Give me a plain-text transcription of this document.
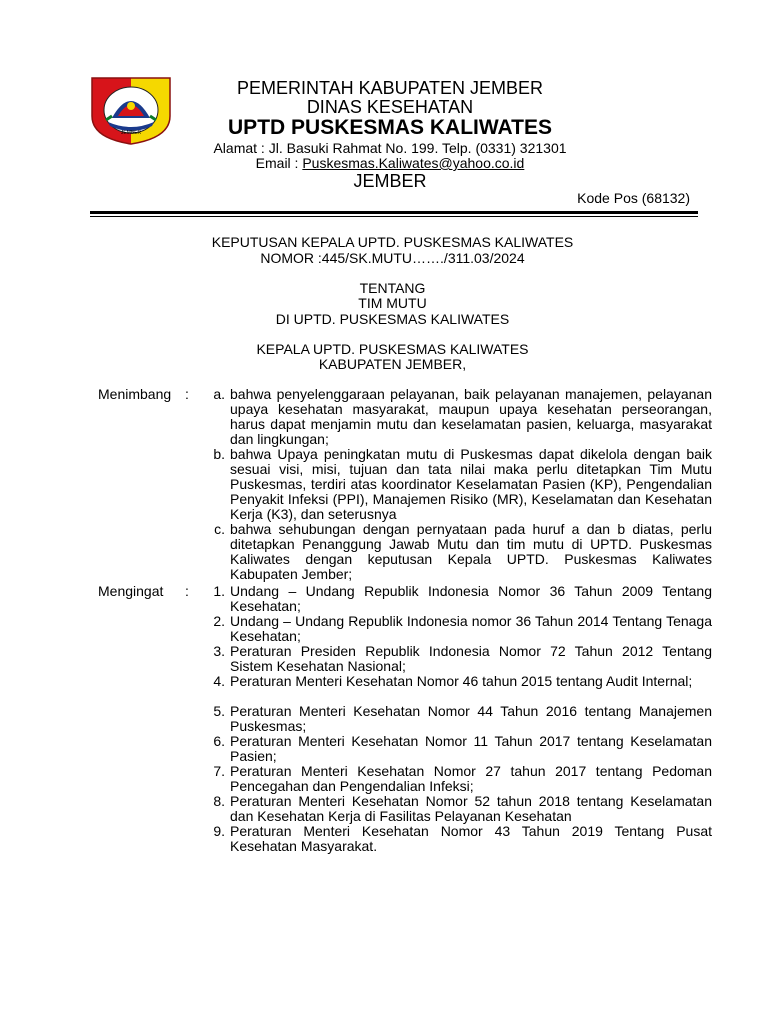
JEMBER
PEMERINTAH KABUPATEN JEMBER
DINAS KESEHATAN
UPTD PUSKESMAS KALIWATES
Alamat : Jl. Basuki Rahmat No. 199. Telp. (0331) 321301
Email : Puskesmas.Kaliwates@yahoo.co.id
JEMBER
Kode Pos (68132)
KEPUTUSAN KEPALA UPTD. PUSKESMAS KALIWATES
NOMOR :445/SK.MUTU……./311.03/2024
TENTANG
TIM MUTU
DI UPTD. PUSKESMAS KALIWATES
KEPALA UPTD. PUSKESMAS KALIWATES
KABUPATEN JEMBER,
Menimbang :	a. bahwa penyelenggaraan pelayanan, baik pelayanan manajemen, pelayanan upaya kesehatan masyarakat, maupun upaya kesehatan perseorangan, harus dapat menjamin mutu dan keselamatan pasien, keluarga, masyarakat dan lingkungan;
b. bahwa Upaya peningkatan mutu di Puskesmas dapat dikelola dengan baik sesuai visi, misi, tujuan dan tata nilai maka perlu ditetapkan Tim Mutu Puskesmas, terdiri atas koordinator Keselamatan Pasien (KP), Pengendalian Penyakit Infeksi (PPI), Manajemen Risiko (MR), Keselamatan dan Kesehatan Kerja (K3), dan seterusnya
c. bahwa sehubungan dengan pernyataan pada huruf a dan b diatas, perlu ditetapkan Penanggung Jawab Mutu dan tim mutu di UPTD. Puskesmas Kaliwates dengan keputusan Kepala UPTD. Puskesmas Kaliwates Kabupaten Jember;
Mengingat :	1. Undang – Undang Republik Indonesia Nomor 36 Tahun 2009 Tentang Kesehatan;
2. Undang – Undang Republik Indonesia nomor 36 Tahun 2014 Tentang Tenaga Kesehatan;
3. Peraturan Presiden Republik Indonesia Nomor 72 Tahun 2012 Tentang Sistem Kesehatan Nasional;
4. Peraturan Menteri Kesehatan Nomor 46 tahun 2015 tentang Audit Internal;
5. Peraturan Menteri Kesehatan Nomor 44 Tahun 2016 tentang Manajemen Puskesmas;
6. Peraturan Menteri Kesehatan Nomor 11 Tahun 2017 tentang Keselamatan Pasien;
7. Peraturan Menteri Kesehatan Nomor 27 tahun 2017 tentang Pedoman Pencegahan dan Pengendalian Infeksi;
8. Peraturan Menteri Kesehatan Nomor 52 tahun 2018 tentang Keselamatan dan Kesehatan Kerja di Fasilitas Pelayanan Kesehatan
9. Peraturan Menteri Kesehatan Nomor 43 Tahun 2019 Tentang Pusat Kesehatan Masyarakat.
